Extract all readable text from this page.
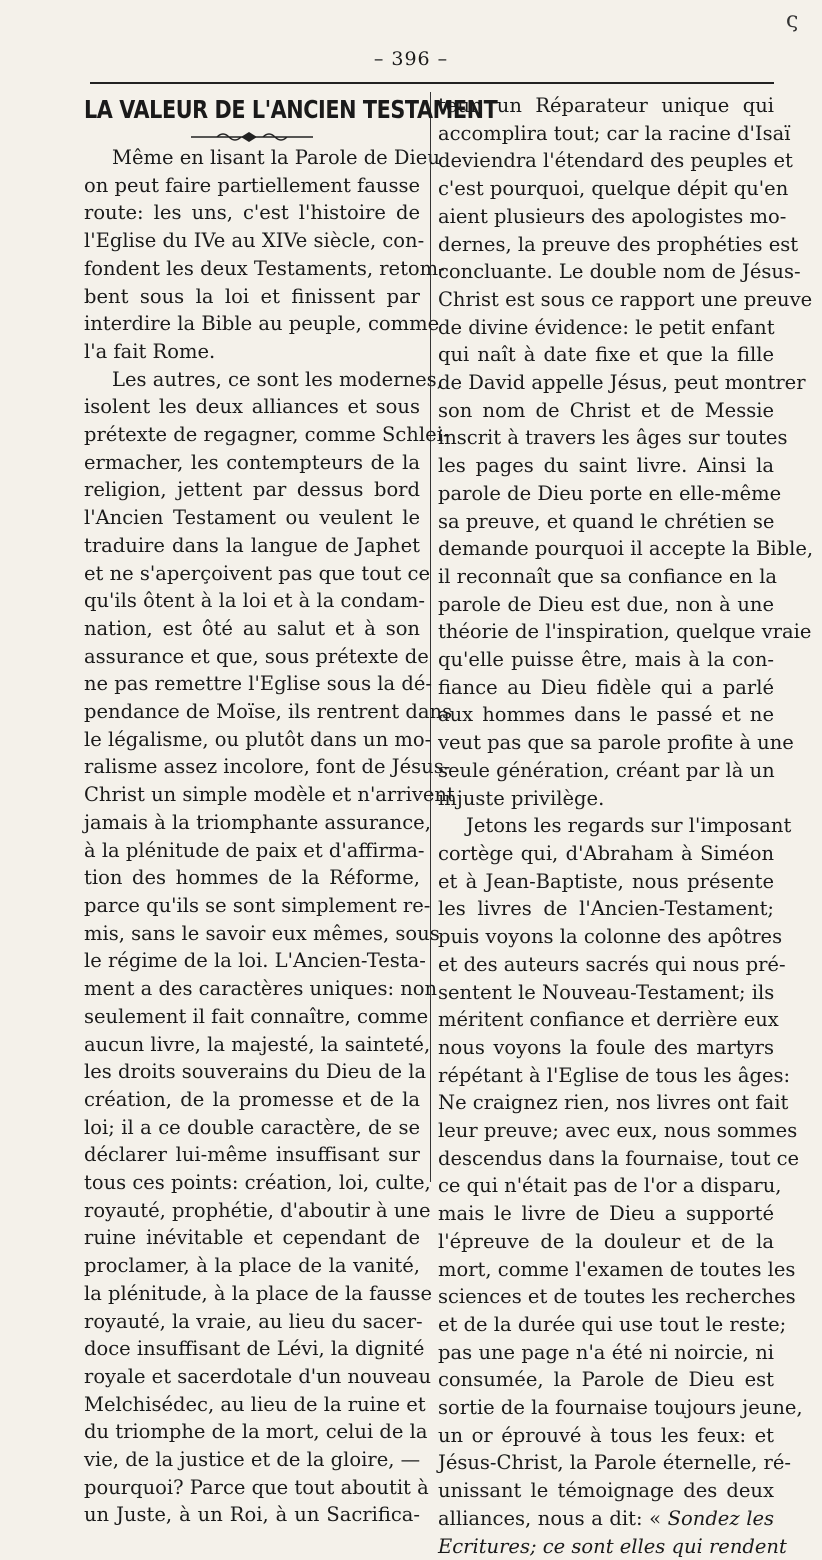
ς
– 396 –
LA VALEUR DE L'ANCIEN TESTAMENT
Même en lisant la Parole de Dieu
on peut faire partiellement fausse
route: les uns, c'est l'histoire de
l'Eglise du IVe au XIVe siècle, con-
fondent les deux Testaments, retom-
bent sous la loi et finissent par
interdire la Bible au peuple, comme
l'a fait Rome.
Les autres, ce sont les modernes,
isolent les deux alliances et sous
prétexte de regagner, comme Schlei-
ermacher, les contempteurs de la
religion, jettent par dessus bord
l'Ancien Testament ou veulent le
traduire dans la langue de Japhet
et ne s'aperçoivent pas que tout ce
qu'ils ôtent à la loi et à la condam-
nation, est ôté au salut et à son
assurance et que, sous prétexte de
ne pas remettre l'Eglise sous la dé-
pendance de Moïse, ils rentrent dans
le légalisme, ou plutôt dans un mo-
ralisme assez incolore, font de Jésus-
Christ un simple modèle et n'arrivent
jamais à la triomphante assurance,
à la plénitude de paix et d'affirma-
tion des hommes de la Réforme,
parce qu'ils se sont simplement re-
mis, sans le savoir eux mêmes, sous
le régime de la loi. L'Ancien-Testa-
ment a des caractères uniques: non
seulement il fait connaître, comme
aucun livre, la majesté, la sainteté,
les droits souverains du Dieu de la
création, de la promesse et de la
loi; il a ce double caractère, de se
déclarer lui-même insuffisant sur
tous ces points: création, loi, culte,
royauté, prophétie, d'aboutir à une
ruine inévitable et cependant de
proclamer, à la place de la vanité,
la plénitude, à la place de la fausse
royauté, la vraie, au lieu du sacer-
doce insuffisant de Lévi, la dignité
royale et sacerdotale d'un nouveau
Melchisédec, au lieu de la ruine et
du triomphe de la mort, celui de la
vie, de la justice et de la gloire, —
pourquoi? Parce que tout aboutit à
un Juste, à un Roi, à un Sacrifica-
teur, un Réparateur unique qui
accomplira tout; car la racine d'Isaï
deviendra l'étendard des peuples et
c'est pourquoi, quelque dépit qu'en
aient plusieurs des apologistes mo-
dernes, la preuve des prophéties est
concluante. Le double nom de Jésus-
Christ est sous ce rapport une preuve
de divine évidence: le petit enfant
qui naît à date fixe et que la fille
de David appelle Jésus, peut montrer
son nom de Christ et de Messie
inscrit à travers les âges sur toutes
les pages du saint livre. Ainsi la
parole de Dieu porte en elle-même
sa preuve, et quand le chrétien se
demande pourquoi il accepte la Bible,
il reconnaît que sa confiance en la
parole de Dieu est due, non à une
théorie de l'inspiration, quelque vraie
qu'elle puisse être, mais à la con-
fiance au Dieu fidèle qui a parlé
aux hommes dans le passé et ne
veut pas que sa parole profite à une
seule génération, créant par là un
injuste privilège.
Jetons les regards sur l'imposant
cortège qui, d'Abraham à Siméon
et à Jean-Baptiste, nous présente
les livres de l'Ancien-Testament;
puis voyons la colonne des apôtres
et des auteurs sacrés qui nous pré-
sentent le Nouveau-Testament; ils
méritent confiance et derrière eux
nous voyons la foule des martyrs
répétant à l'Eglise de tous les âges:
Ne craignez rien, nos livres ont fait
leur preuve; avec eux, nous sommes
descendus dans la fournaise, tout ce
ce qui n'était pas de l'or a disparu,
mais le livre de Dieu a supporté
l'épreuve de la douleur et de la
mort, comme l'examen de toutes les
sciences et de toutes les recherches
et de la durée qui use tout le reste;
pas une page n'a été ni noircie, ni
consumée, la Parole de Dieu est
sortie de la fournaise toujours jeune,
un or éprouvé à tous les feux: et
Jésus-Christ, la Parole éternelle, ré-
unissant le témoignage des deux
alliances, nous a dit: « Sondez les
Ecritures; ce sont elles qui rendent
